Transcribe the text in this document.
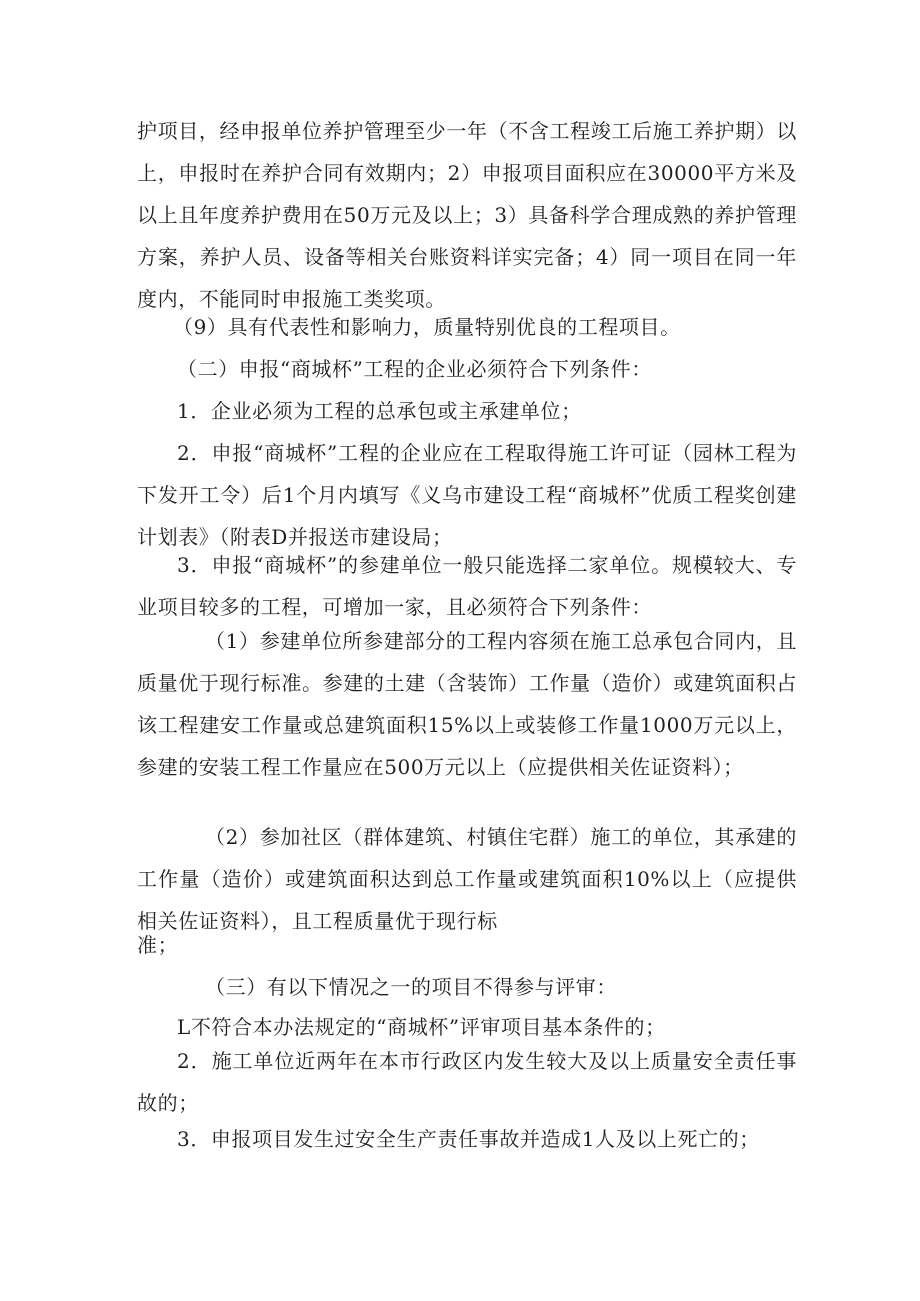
护项目，经申报单位养护管理至少一年（不含工程竣工后施工养护期）以上，申报时在养护合同有效期内；2）申报项目面积应在30000平方米及以上且年度养护费用在50万元及以上；3）具备科学合理成熟的养护管理方案，养护人员、设备等相关台账资料详实完备；4）同一项目在同一年度内，不能同时申报施工类奖项。

（9）具有代表性和影响力，质量特别优良的工程项目。

（二）申报“商城杯”工程的企业必须符合下列条件：

1．企业必须为工程的总承包或主承建单位；

2．申报“商城杯”工程的企业应在工程取得施工许可证（园林工程为下发开工令）后1个月内填写《义乌市建设工程“商城杯”优质工程奖创建计划表》（附表D并报送市建设局；

3．申报“商城杯”的参建单位一般只能选择二家单位。规模较大、专业项目较多的工程，可增加一家，且必须符合下列条件：

（1）参建单位所参建部分的工程内容须在施工总承包合同内，且质量优于现行标准。参建的土建（含装饰）工作量（造价）或建筑面积占该工程建安工作量或总建筑面积15%以上或装修工作量1000万元以上，参建的安装工程工作量应在500万元以上（应提供相关佐证资料）；

（2）参加社区（群体建筑、村镇住宅群）施工的单位，其承建的工作量（造价）或建筑面积达到总工作量或建筑面积10%以上（应提供相关佐证资料），且工程质量优于现行标

准；

（三）有以下情况之一的项目不得参与评审：

L不符合本办法规定的“商城杯”评审项目基本条件的；

2．施工单位近两年在本市行政区内发生较大及以上质量安全责任事故的；

3．申报项目发生过安全生产责任事故并造成1人及以上死亡的；
